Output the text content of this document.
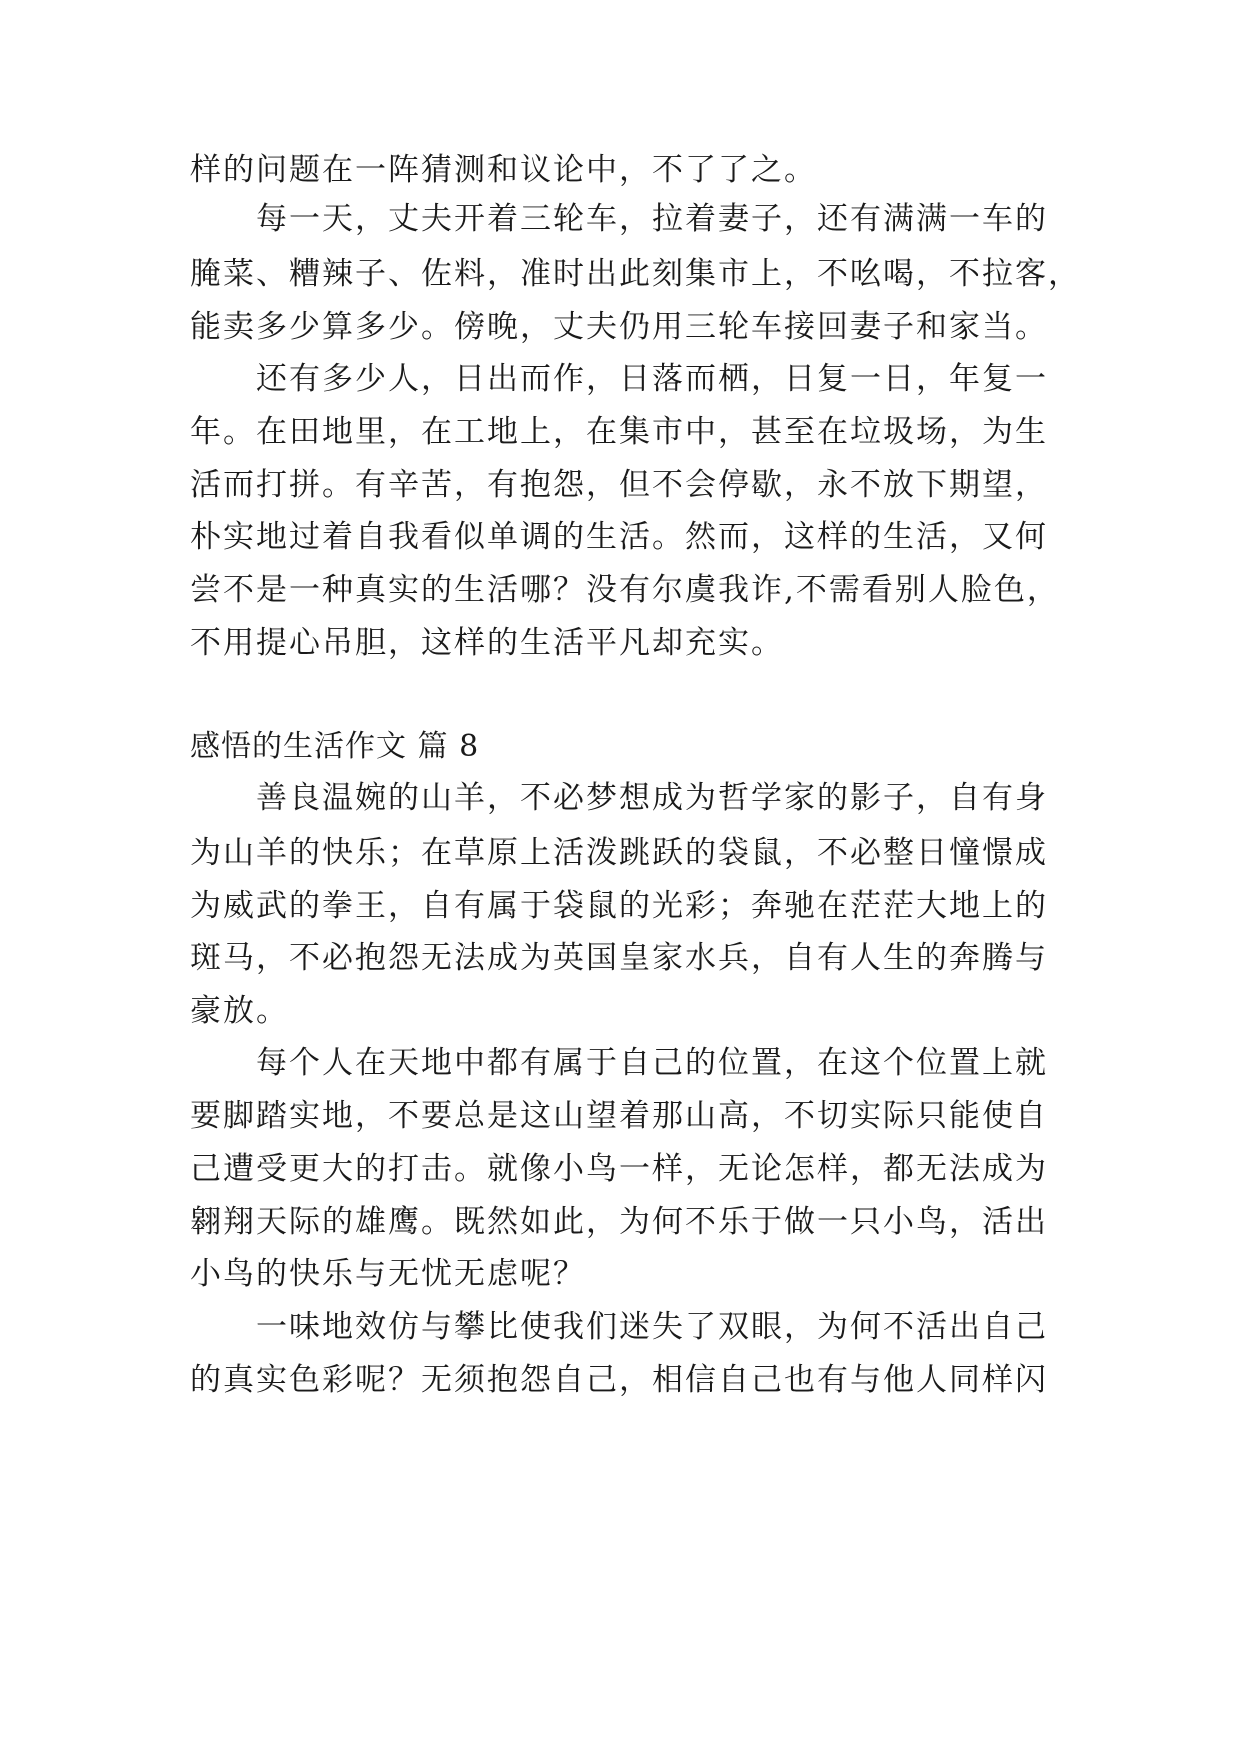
样的问题在一阵猜测和议论中，不了了之。
每一天，丈夫开着三轮车，拉着妻子，还有满满一车的
腌菜、糟辣子、佐料，准时出此刻集市上，不吆喝，不拉客，
能卖多少算多少。傍晚，丈夫仍用三轮车接回妻子和家当。
还有多少人，日出而作，日落而栖，日复一日，年复一
年。在田地里，在工地上，在集市中，甚至在垃圾场，为生
活而打拼。有辛苦，有抱怨，但不会停歇，永不放下期望，
朴实地过着自我看似单调的生活。然而，这样的生活，又何
尝不是一种真实的生活哪？没有尔虞我诈,不需看别人脸色，
不用提心吊胆，这样的生活平凡却充实。
感悟的生活作文 篇 8
善良温婉的山羊，不必梦想成为哲学家的影子，自有身
为山羊的快乐；在草原上活泼跳跃的袋鼠，不必整日憧憬成
为威武的拳王，自有属于袋鼠的光彩；奔驰在茫茫大地上的
斑马，不必抱怨无法成为英国皇家水兵，自有人生的奔腾与
豪放。
每个人在天地中都有属于自己的位置，在这个位置上就
要脚踏实地，不要总是这山望着那山高，不切实际只能使自
己遭受更大的打击。就像小鸟一样，无论怎样，都无法成为
翱翔天际的雄鹰。既然如此，为何不乐于做一只小鸟，活出
小鸟的快乐与无忧无虑呢？
一味地效仿与攀比使我们迷失了双眼，为何不活出自己
的真实色彩呢？无须抱怨自己，相信自己也有与他人同样闪
